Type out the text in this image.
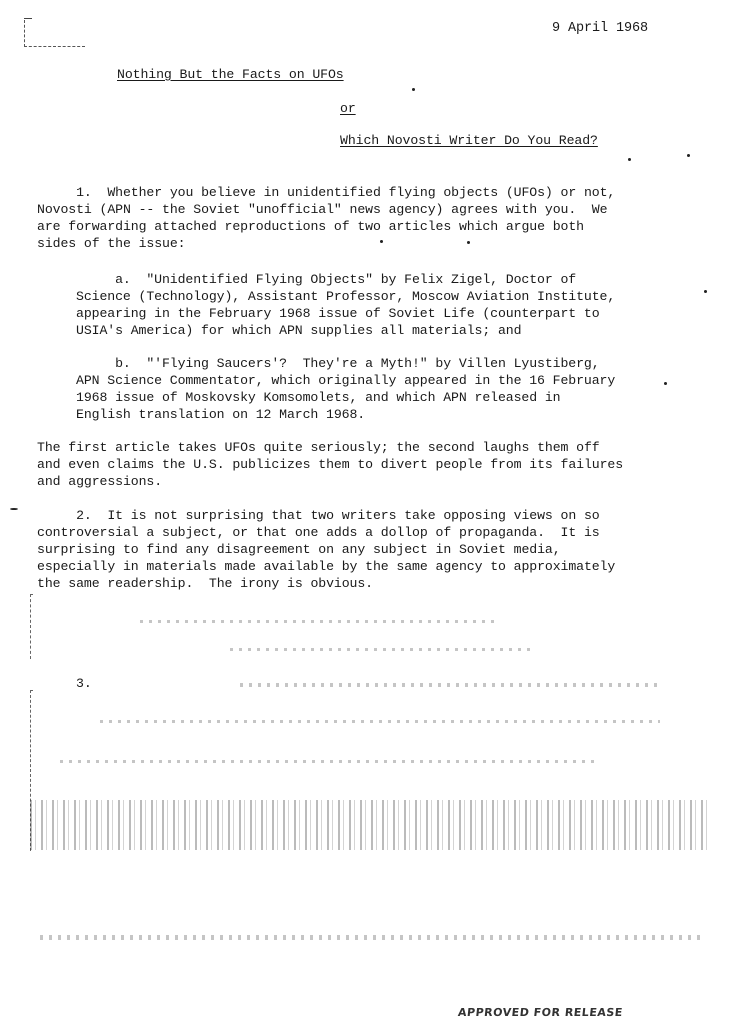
9 April 1968
Nothing But the Facts on UFOs
or
Which Novosti Writer Do You Read?
1.  Whether you believe in unidentified flying objects (UFOs) or not,
Novosti (APN -- the Soviet "unofficial" news agency) agrees with you.  We
are forwarding attached reproductions of two articles which argue both
sides of the issue:
a.  "Unidentified Flying Objects" by Felix Zigel, Doctor of
Science (Technology), Assistant Professor, Moscow Aviation Institute,
appearing in the February 1968 issue of Soviet Life (counterpart to
USIA's America) for which APN supplies all materials; and
b.  "'Flying Saucers'?  They're a Myth!" by Villen Lyustiberg,
APN Science Commentator, which originally appeared in the 16 February
1968 issue of Moskovsky Komsomolets, and which APN released in
English translation on 12 March 1968.
The first article takes UFOs quite seriously; the second laughs them off
and even claims the U.S. publicizes them to divert people from its failures
and aggressions.
2.  It is not surprising that two writers take opposing views on so
controversial a subject, or that one adds a dollop of propaganda.  It is
surprising to find any disagreement on any subject in Soviet media,
especially in materials made available by the same agency to approximately
the same readership.  The irony is obvious.
3.
APPROVED FOR RELEASE
